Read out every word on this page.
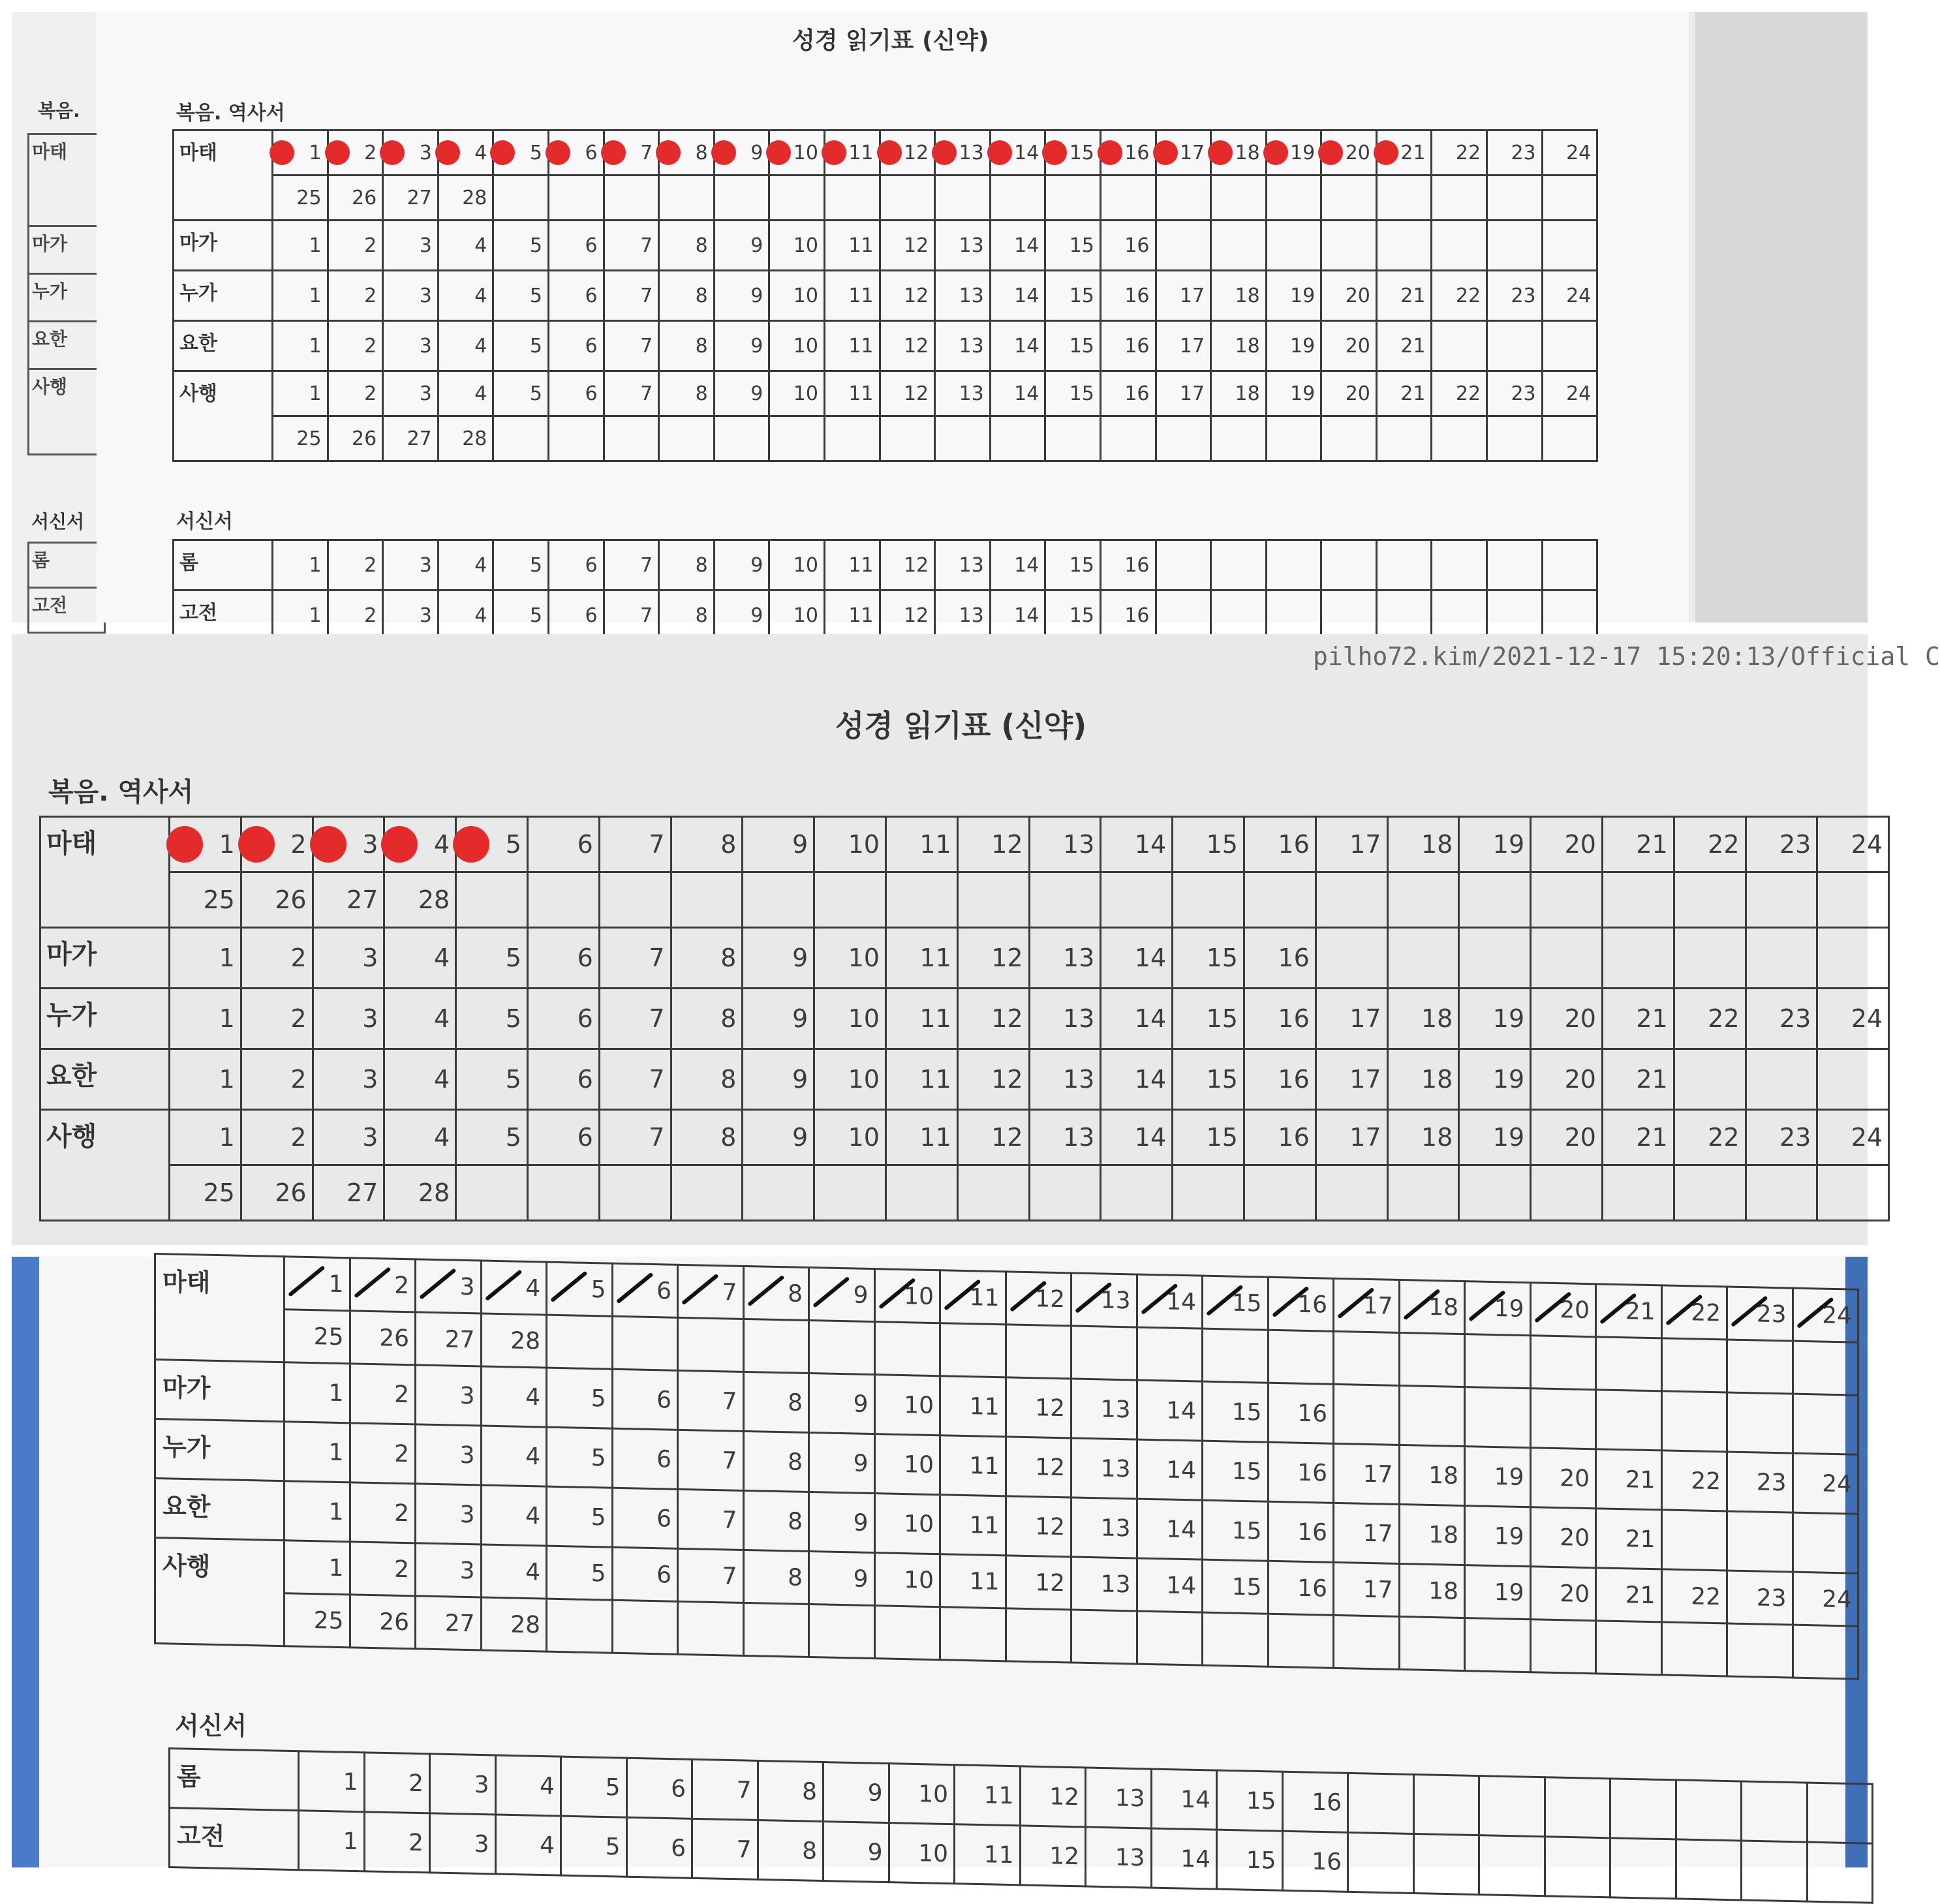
복음.
마태
마가
누가
요한
사행
서신서
롬
고전
성경 읽기표 (신약)
복음. 역사서
마태	1	2	3	4	5	6	7	8	9	10	11	12	13	14	15	16	17	18	19	20	21	22	23	24
	25	26	27	28																				

마가	1	2	3	4	5	6	7	8	9	10	11	12	13	14	15	16								

누가	1	2	3	4	5	6	7	8	9	10	11	12	13	14	15	16	17	18	19	20	21	22	23	24

요한	1	2	3	4	5	6	7	8	9	10	11	12	13	14	15	16	17	18	19	20	21			

사행	1	2	3	4	5	6	7	8	9	10	11	12	13	14	15	16	17	18	19	20	21	22	23	24
	25	26	27	28																				
서신서
롬	1	2	3	4	5	6	7	8	9	10	11	12	13	14	15	16								

고전	1	2	3	4	5	6	7	8	9	10	11	12	13	14	15	16								
pilho72.kim/2021-12-17 15:20:13/Official C
성경 읽기표 (신약)
복음. 역사서
마태	1	2	3	4	5	6	7	8	9	10	11	12	13	14	15	16	17	18	19	20	21	22	23	24
	25	26	27	28																				

마가	1	2	3	4	5	6	7	8	9	10	11	12	13	14	15	16								

누가	1	2	3	4	5	6	7	8	9	10	11	12	13	14	15	16	17	18	19	20	21	22	23	24

요한	1	2	3	4	5	6	7	8	9	10	11	12	13	14	15	16	17	18	19	20	21			

사행	1	2	3	4	5	6	7	8	9	10	11	12	13	14	15	16	17	18	19	20	21	22	23	24
	25	26	27	28																				
마태	1	2	3	4	5	6	7	8	9	10	11	12	13	14	15	16	17	18	19	20	21	22	23	24
	25	26	27	28																				

마가	1	2	3	4	5	6	7	8	9	10	11	12	13	14	15	16								

누가	1	2	3	4	5	6	7	8	9	10	11	12	13	14	15	16	17	18	19	20	21	22	23	24

요한	1	2	3	4	5	6	7	8	9	10	11	12	13	14	15	16	17	18	19	20	21			

사행	1	2	3	4	5	6	7	8	9	10	11	12	13	14	15	16	17	18	19	20	21	22	23	24
	25	26	27	28																				
서신서
롬	1	2	3	4	5	6	7	8	9	10	11	12	13	14	15	16								

고전	1	2	3	4	5	6	7	8	9	10	11	12	13	14	15	16								
